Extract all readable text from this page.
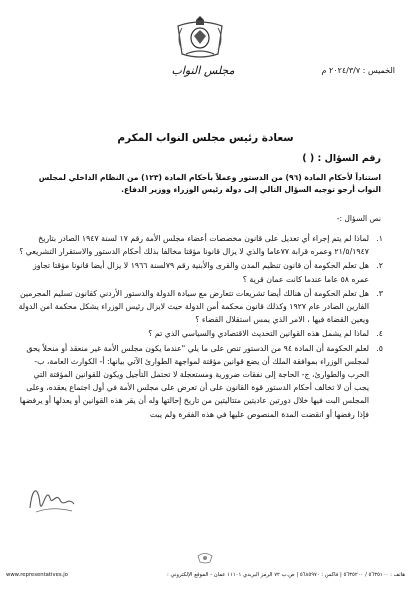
مجلس النواب	الخميس : ٢٠٢٤/٣/٧ م
سعادة رئيس مجلس النواب المكرم
رقم السؤال : ( )
استناداً لأحكام المادة (٩٦) من الدستور وعملاً بأحكام المادة (١٢٣) من النظام الداخلي لمجلس النواب أرجو توجيه السؤال التالي إلى دولة رئيس الوزراء ووزير الدفاع.
نص السؤال :-
١.
لماذا لم يتم إجراء أي تعديل على قانون مخصصات أعضاء مجلس الأمة رقم ١٧ لسنة ١٩٤٧ الصادر بتاريخ ٢١/٥/١٩٤٧ وعمره قرابة ٧٧عاما والذي لا يزال قانونا مؤقتا مخالفا بذلك أحكام الدستور والاستقرار التشريعي ؟
٢.
هل تعلم الحكومة أن قانون تنظيم المدن والقرى والأبنية رقم ٧٩لسنة ١٩٦٦ لا يزال أيضا قانونا مؤقتا تجاوز عمره ٥٨ عاما عندما كانت عمان قرية ؟
٣.
هل تعلم الحكومة أن هنالك أيضا تشريعات تتعارض مع سيادة الدولة والدستور الأردني كقانون تسليم المجرمين الفارين الصادر عام ١٩٢٧ وكذلك قانون محكمة أمن الدولة حيث لايزال رئيس الوزراء يشكل محكمة امن الدولة ويعين القضاة فيها ، الامر الذي يمس استقلال القضاء ؟
٤.
لماذا لم يشمل هذه القوانين التحديث الاقتصادي والسياسي الذي تم ؟
٥.
لعلم الحكومة أن المادة ٩٤ من الدستور تنص على ما يلي "عندما يكون مجلس الأمة غير منعقد أو منحلاً يحق لمجلس الوزراء بموافقة الملك أن يضع قوانين مؤقتة لمواجهة الطوارئ الآتي بيانها: أ- الكوارث العامة، ب- الحرب والطوارئ، ج- الحاجة إلى نفقات ضرورية ومستعجلة لا تحتمل التأجيل ويكون للقوانين المؤقتة التي يجب أن لا تخالف أحكام الدستور قوة القانون على أن تعرض على مجلس الأمة في أول اجتماع يعقده، وعلى المجلس البت فيها خلال دورتين عاديتين متتاليتين من تاريخ إحالتها وله أن يقر هذه القوانين أو يعدلها أو يرفضها فإذا رفضها أو انقضت المدة المنصوص عليها في هذه الفقرة ولم يبت
www.representatives.jo	هاتف : ٥٦٣٥١٠٠ / ٥٦٣٥٢٠٠ | فاكس : ٥٦٨٥٩٧٠ | ص.ب ٧٢ الرمز البريدي ١١١٠١ عمان - الموقع الإلكتروني :
